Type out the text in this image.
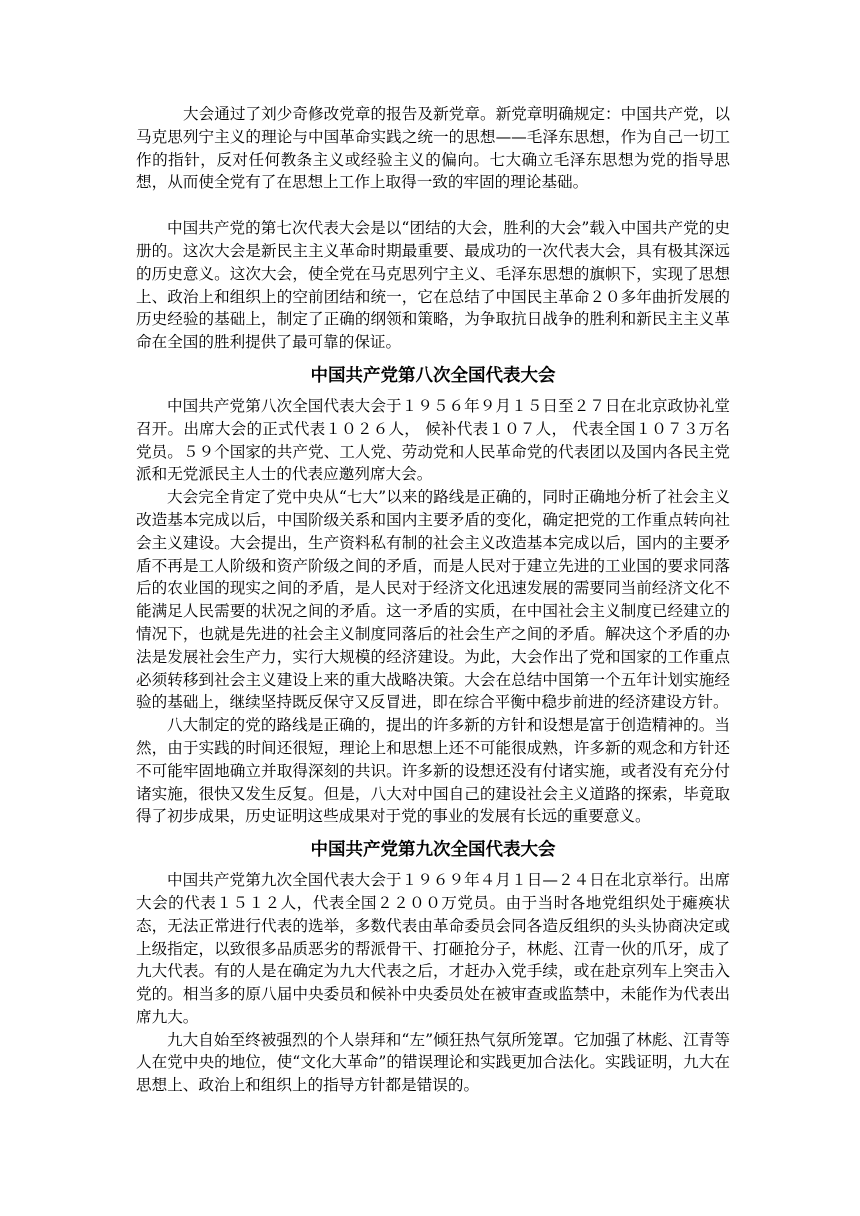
大会通过了刘少奇修改党章的报告及新党章。新党章明确规定：中国共产党，以马克思列宁主义的理论与中国革命实践之统一的思想——毛泽东思想，作为自己一切工作的指针，反对任何教条主义或经验主义的偏向。七大确立毛泽东思想为党的指导思想，从而使全党有了在思想上工作上取得一致的牢固的理论基础。

中国共产党的第七次代表大会是以“团结的大会，胜利的大会”载入中国共产党的史册的。这次大会是新民主主义革命时期最重要、最成功的一次代表大会，具有极其深远的历史意义。这次大会，使全党在马克思列宁主义、毛泽东思想的旗帜下，实现了思想上、政治上和组织上的空前团结和统一，它在总结了中国民主革命２０多年曲折发展的历史经验的基础上，制定了正确的纲领和策略，为争取抗日战争的胜利和新民主主义革命在全国的胜利提供了最可靠的保证。

中国共产党第八次全国代表大会

中国共产党第八次全国代表大会于１９５６年９月１５日至２７日在北京政协礼堂召开。出席大会的正式代表１０２６人， 候补代表１０７人， 代表全国１０７３万名党员。５９个国家的共产党、工人党、劳动党和人民革命党的代表团以及国内各民主党派和无党派民主人士的代表应邀列席大会。

大会完全肯定了党中央从“七大”以来的路线是正确的，同时正确地分析了社会主义改造基本完成以后，中国阶级关系和国内主要矛盾的变化，确定把党的工作重点转向社会主义建设。大会提出，生产资料私有制的社会主义改造基本完成以后，国内的主要矛盾不再是工人阶级和资产阶级之间的矛盾，而是人民对于建立先进的工业国的要求同落后的农业国的现实之间的矛盾，是人民对于经济文化迅速发展的需要同当前经济文化不能满足人民需要的状况之间的矛盾。这一矛盾的实质，在中国社会主义制度已经建立的情况下，也就是先进的社会主义制度同落后的社会生产之间的矛盾。解决这个矛盾的办法是发展社会生产力，实行大规模的经济建设。为此，大会作出了党和国家的工作重点必须转移到社会主义建设上来的重大战略决策。大会在总结中国第一个五年计划实施经验的基础上，继续坚持既反保守又反冒进，即在综合平衡中稳步前进的经济建设方针。

八大制定的党的路线是正确的，提出的许多新的方针和设想是富于创造精神的。当然，由于实践的时间还很短，理论上和思想上还不可能很成熟，许多新的观念和方针还不可能牢固地确立并取得深刻的共识。许多新的设想还没有付诸实施，或者没有充分付诸实施，很快又发生反复。但是，八大对中国自己的建设社会主义道路的探索，毕竟取得了初步成果，历史证明这些成果对于党的事业的发展有长远的重要意义。

中国共产党第九次全国代表大会

中国共产党第九次全国代表大会于１９６９年４月１日—２４日在北京举行。出席大会的代表１５１２人，代表全国２２００万党员。由于当时各地党组织处于瘫痪状态，无法正常进行代表的选举，多数代表由革命委员会同各造反组织的头头协商决定或上级指定，以致很多品质恶劣的帮派骨干、打砸抢分子，林彪、江青一伙的爪牙，成了九大代表。有的人是在确定为九大代表之后，才赶办入党手续，或在赴京列车上突击入党的。相当多的原八届中央委员和候补中央委员处在被审查或监禁中，未能作为代表出席九大。

九大自始至终被强烈的个人崇拜和“左”倾狂热气氛所笼罩。它加强了林彪、江青等人在党中央的地位，使“文化大革命”的错误理论和实践更加合法化。实践证明，九大在思想上、政治上和组织上的指导方针都是错误的。
